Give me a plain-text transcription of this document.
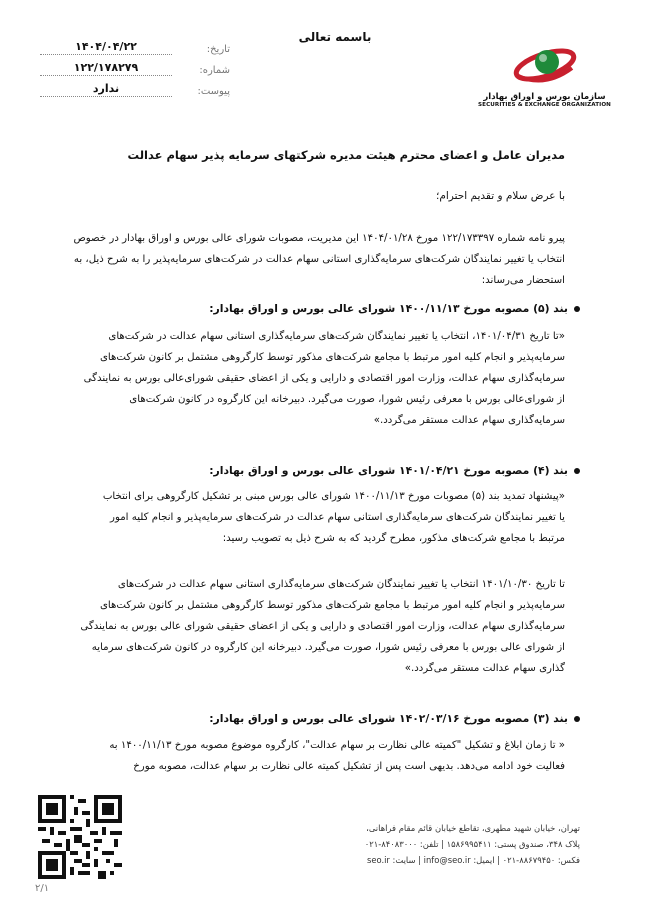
باسمه تعالی
سازمان بورس و اوراق بهادار
SECURITIES & EXCHANGE ORGANIZATION
تاریخ:
۱۴۰۴/۰۴/۲۲
شماره:
۱۲۲/۱۷۸۲۷۹
پیوست:
ندارد
مدیران عامل و اعضای محترم هیئت مدیره شرکتهای سرمایه پذیر سهام عدالت
با عرض سلام و تقدیم احترام؛
پیرو نامه شماره ۱۲۲/۱۷۳۳۹۷ مورخ ۱۴۰۴/۰۱/۲۸ این مدیریت، مصوبات شورای عالی بورس و اوراق بهادار در خصوص
انتخاب یا تغییر نمایندگان شرکت‌های سرمایه‌گذاری استانی سهام عدالت در شرکت‌های سرمایه‌پذیر را به شرح ذیل، به
استحضار می‌رساند:
بند (۵) مصوبه مورخ ۱۴۰۰/۱۱/۱۳ شورای عالی بورس و اوراق بهادار:
«تا تاریخ ۱۴۰۱/۰۴/۳۱، انتخاب یا تغییر نمایندگان شرکت‌های سرمایه‌گذاری استانی سهام عدالت در شرکت‌های
سرمایه‌پذیر و انجام کلیه امور مرتبط با مجامع شرکت‌های مذکور توسط کارگروهی مشتمل بر کانون شرکت‌های
سرمایه‌گذاری سهام عدالت، وزارت امور اقتصادی و دارایی و یکی از اعضای حقیقی شورای‌عالی بورس به نمایندگی
از شورای‌عالی بورس با معرفی رئیس شورا، صورت می‌گیرد. دبیرخانه این کارگروه در کانون شرکت‌های
سرمایه‌گذاری سهام عدالت مستقر می‌گردد.»
بند (۴) مصوبه مورخ ۱۴۰۱/۰۴/۲۱ شورای عالی بورس و اوراق بهادار:
«پیشنهاد تمدید بند (۵) مصوبات مورخ ۱۴۰۰/۱۱/۱۳ شورای عالی بورس مبنی بر تشکیل کارگروهی برای انتخاب
یا تغییر نمایندگان شرکت‌های سرمایه‌گذاری استانی سهام عدالت در شرکت‌های سرمایه‌پذیر و انجام کلیه امور
مرتبط با مجامع شرکت‌های مذکور، مطرح گردید که به شرح ذیل به تصویب رسید:
تا تاریخ ۱۴۰۱/۱۰/۳۰ انتخاب یا تغییر نمایندگان شرکت‌های سرمایه‌گذاری استانی سهام عدالت در شرکت‌های
سرمایه‌پذیر و انجام کلیه امور مرتبط با مجامع شرکت‌های مذکور توسط کارگروهی مشتمل بر کانون شرکت‌های
سرمایه‌گذاری سهام عدالت، وزارت امور اقتصادی و دارایی و یکی از اعضای حقیقی شورای عالی بورس به نمایندگی
از شورای عالی بورس با معرفی رئیس شورا، صورت می‌گیرد. دبیرخانه این کارگروه در کانون شرکت‌های سرمایه
گذاری سهام عدالت مستقر می‌گردد.»
بند (۳) مصوبه مورخ ۱۴۰۲/۰۳/۱۶ شورای عالی بورس و اوراق بهادار:
« تا زمان ابلاغ و تشکیل "کمیته عالی نظارت بر سهام عدالت"، کارگروه موضوع مصوبه مورخ ۱۴۰۰/۱۱/۱۳ به
فعالیت خود ادامه می‌دهد. بدیهی است پس از تشکیل کمیته عالی نظارت بر سهام عدالت، مصوبه مورخ
تهران، خیابان شهید مطهری، تقاطع خیابان قائم مقام فراهانی،
پلاک ۳۴۸، صندوق پستی: ۱۵۸۶۹۹۵۴۱۱ | تلفن: ۸۴۰۸۳۰۰۰-۰۲۱
فکس: ۸۸۶۷۹۴۵۰-۰۲۱ | ایمیل: info@seo.ir | سایت: seo.ir
۲/۱
